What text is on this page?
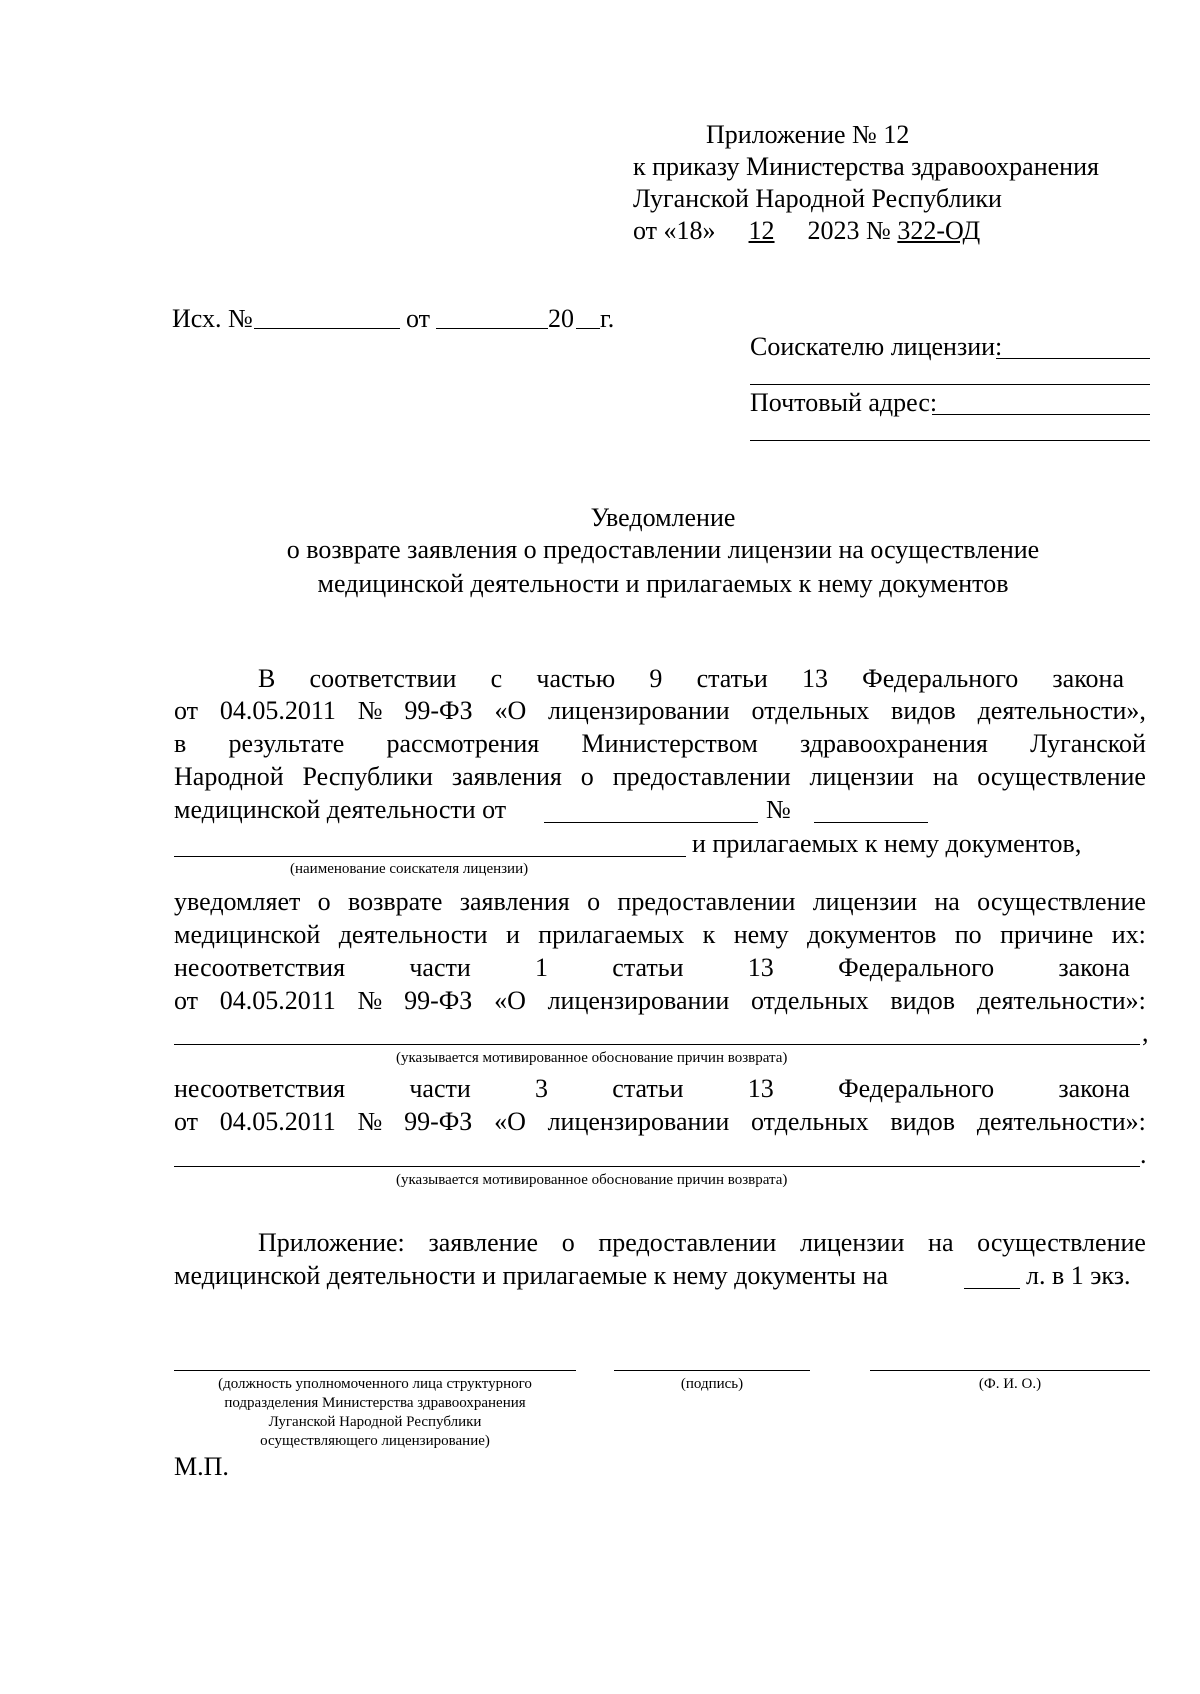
Приложение № 12
к приказу Министерства здравоохранения
Луганской Народной Республики
от «18» 12 2023 № 322-ОД
Исх. №	от	20 г.
Соискателю лицензии:
Почтовый адрес:
Уведомление
о возврате заявления о предоставлении лицензии на осуществление
медицинской деятельности и прилагаемых к нему документов
В соответствии с частью 9 статьи 13 Федерального закона
от 04.05.2011 № 99-ФЗ «О лицензировании отдельных видов деятельности»,
в результате рассмотрения Министерством здравоохранения Луганской
Народной Республики заявления о предоставлении лицензии на осуществление
медицинской деятельности от	№
и прилагаемых к нему документов,
(наименование соискателя лицензии)
уведомляет о возврате заявления о предоставлении лицензии на осуществление
медицинской деятельности и прилагаемых к нему документов по причине их:
несоответствия части 1 статьи 13 Федерального закона
от 04.05.2011 № 99-ФЗ «О лицензировании отдельных видов деятельности»:
,
(указывается мотивированное обоснование причин возврата)
несоответствия части 3 статьи 13 Федерального закона
от 04.05.2011 № 99-ФЗ «О лицензировании отдельных видов деятельности»:
.
(указывается мотивированное обоснование причин возврата)
Приложение: заявление о предоставлении лицензии на осуществление
медицинской деятельности и прилагаемые к нему документы на	л. в 1 экз.
(должность уполномоченного лица структурного
подразделения Министерства здравоохранения
Луганской Народной Республики
осуществляющего лицензирование)
(подпись)	(Ф. И. О.)
М.П.
